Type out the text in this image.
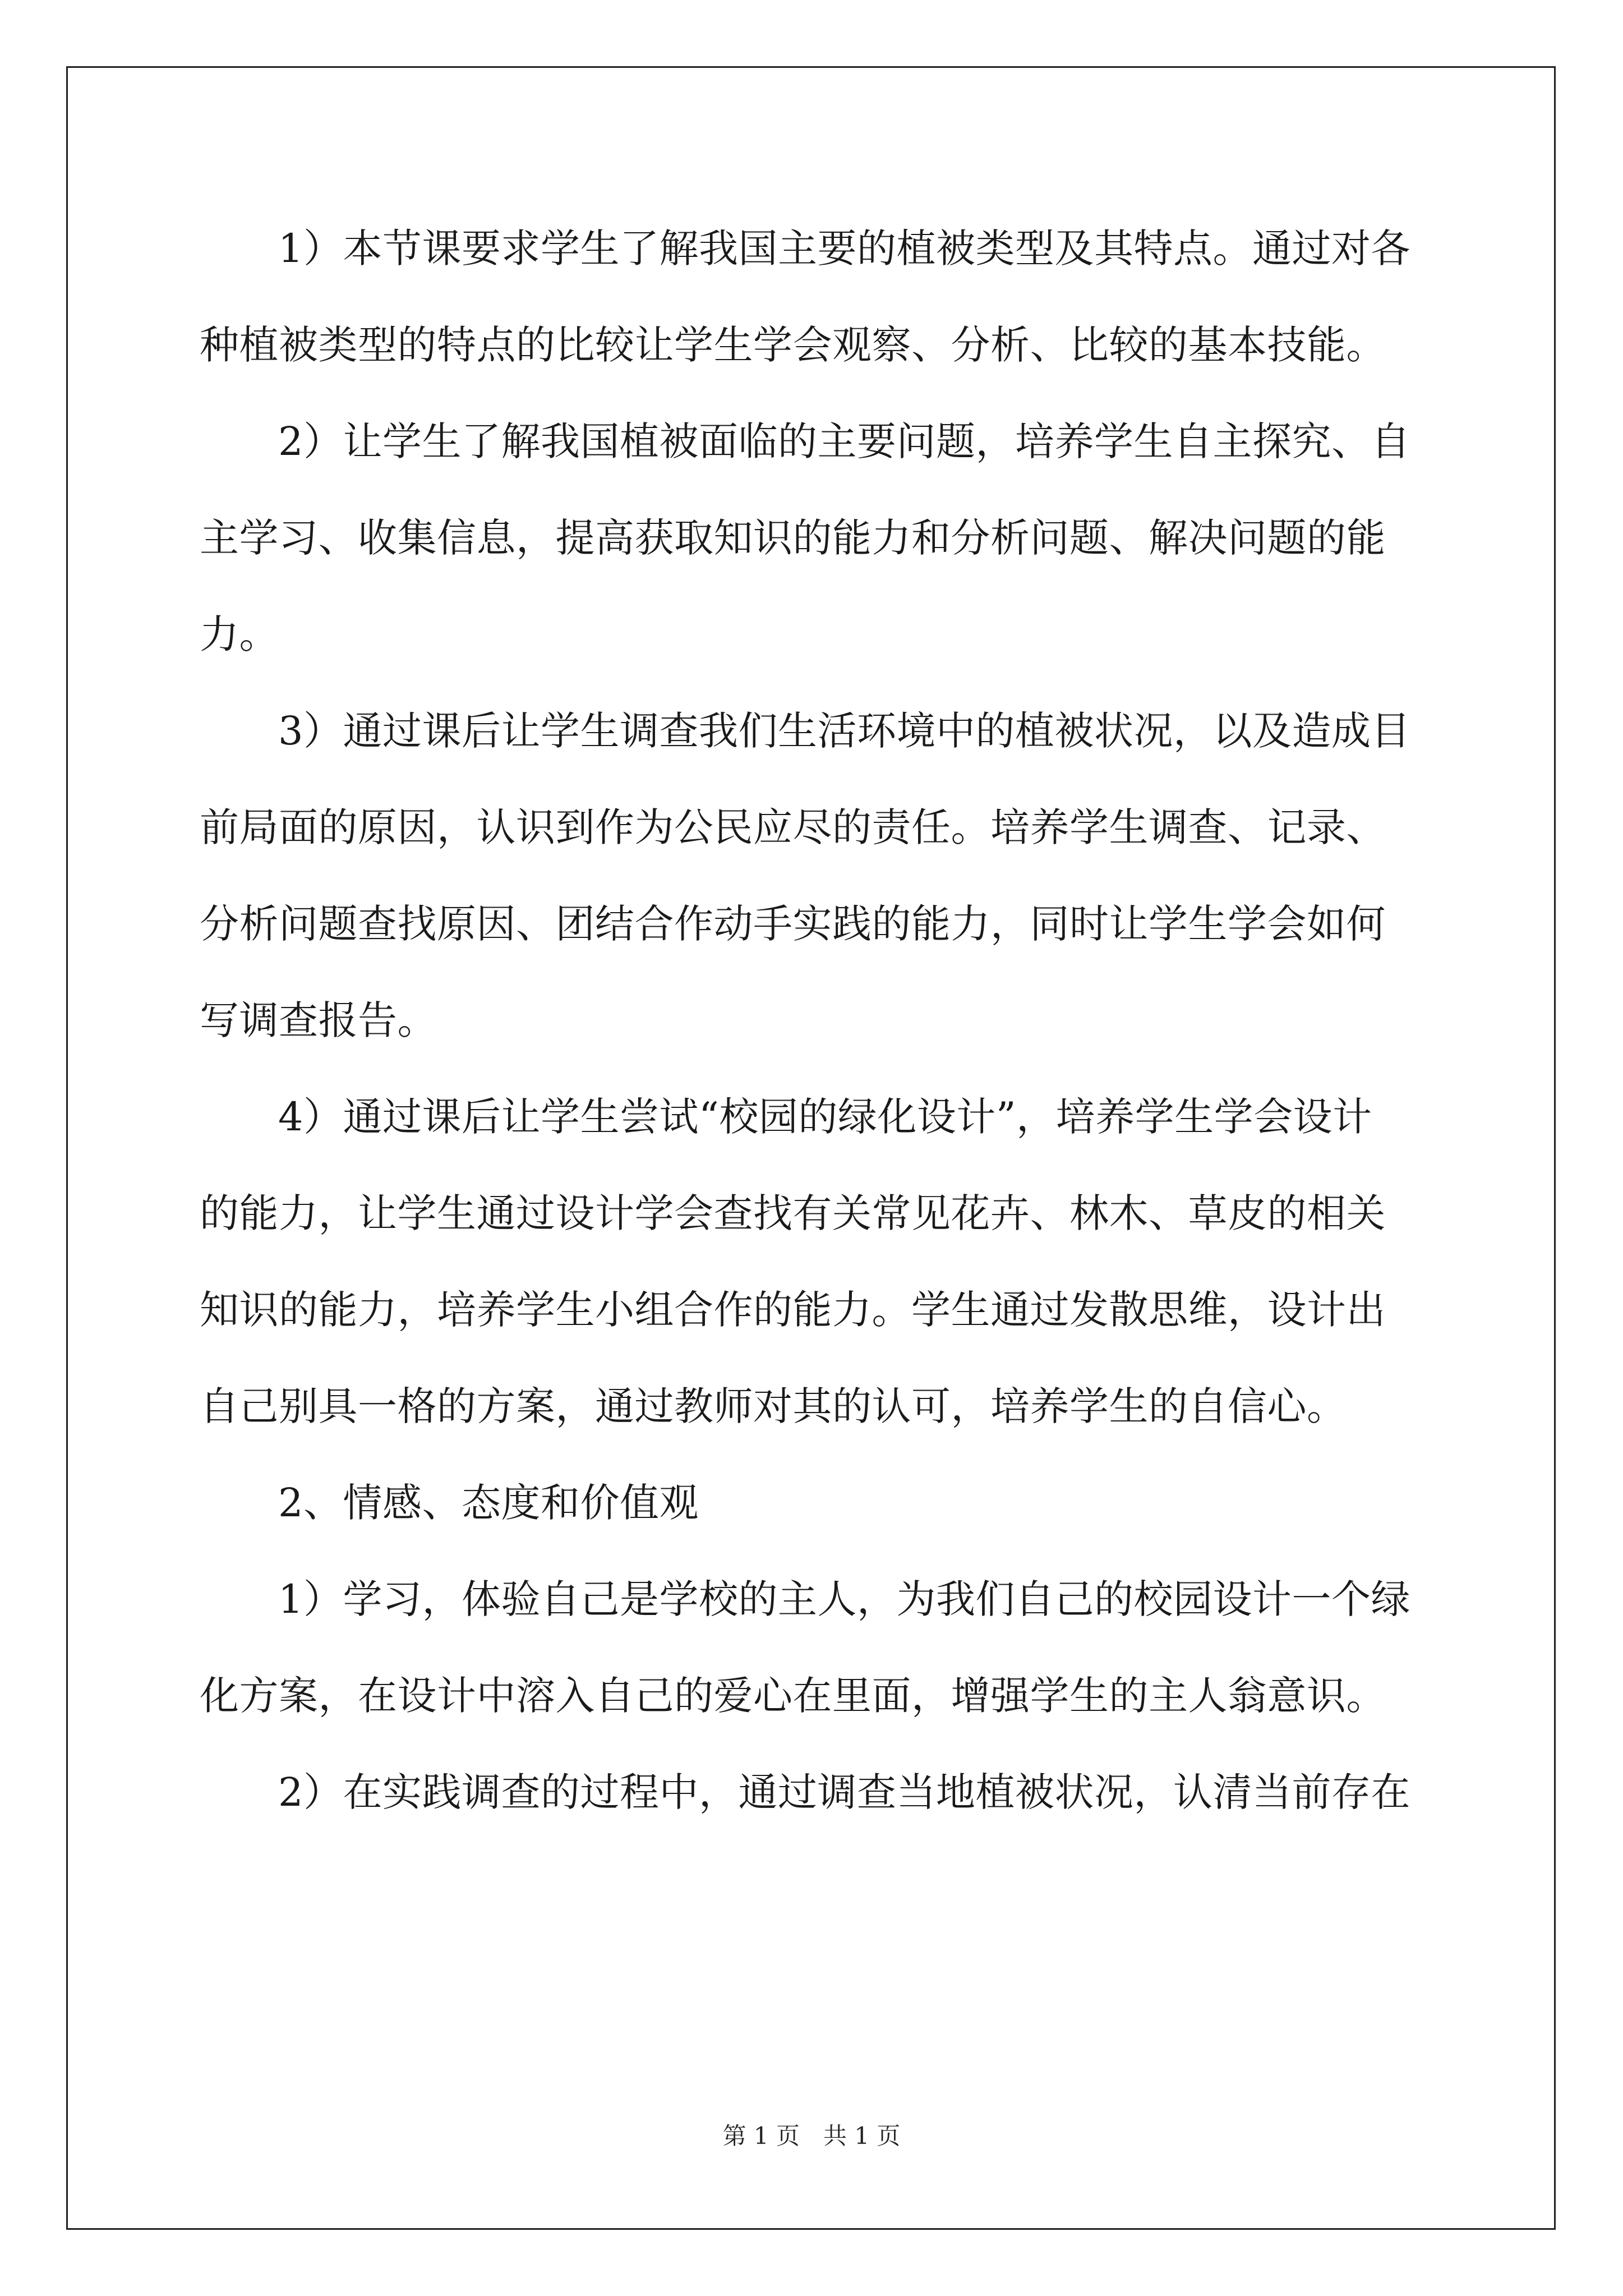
1）本节课要求学生了解我国主要的植被类型及其特点。通过对各

种植被类型的特点的比较让学生学会观察、分析、比较的基本技能。

2）让学生了解我国植被面临的主要问题，培养学生自主探究、自

主学习、收集信息，提高获取知识的能力和分析问题、解决问题的能

力。

3）通过课后让学生调查我们生活环境中的植被状况，以及造成目

前局面的原因，认识到作为公民应尽的责任。培养学生调查、记录、

分析问题查找原因、团结合作动手实践的能力，同时让学生学会如何

写调查报告。

4）通过课后让学生尝试“校园的绿化设计”，培养学生学会设计

的能力，让学生通过设计学会查找有关常见花卉、林木、草皮的相关

知识的能力，培养学生小组合作的能力。学生通过发散思维，设计出

自己别具一格的方案，通过教师对其的认可，培养学生的自信心。

2、情感、态度和价值观

1）学习，体验自己是学校的主人，为我们自己的校园设计一个绿

化方案，在设计中溶入自己的爱心在里面，增强学生的主人翁意识。

2）在实践调查的过程中，通过调查当地植被状况，认清当前存在

第 1 页　共 1 页
